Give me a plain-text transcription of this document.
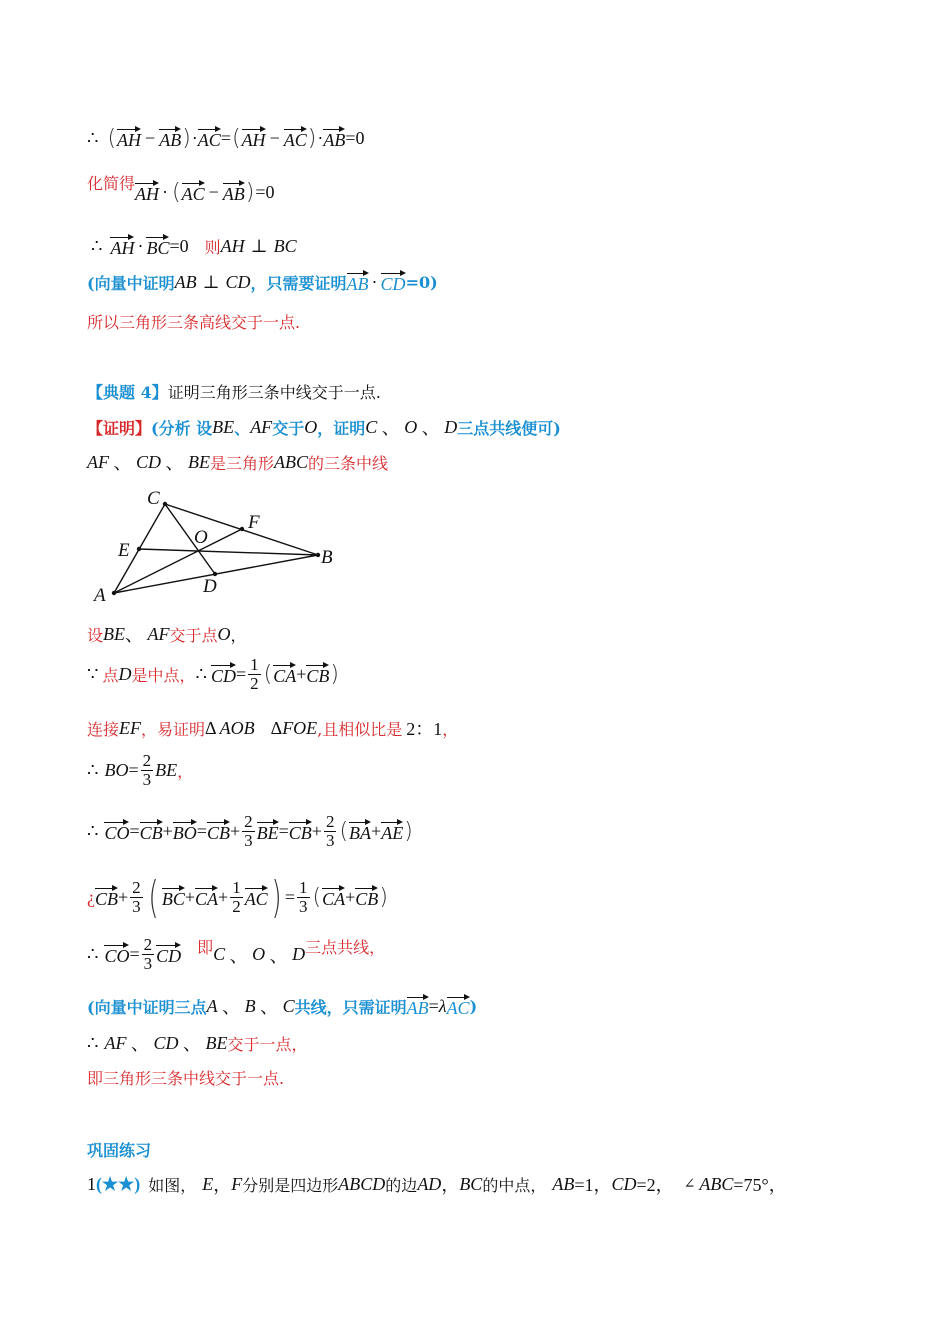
∴ ( AH − AB ) · AC = ( AH − AC ) · AB = 0
化简得
AH · ( AC − AB ) =0
∴ AH · BC =0 则 AH ⊥ BC
(向量中证明 AB ⊥ CD ，只需要证明 AB · CD =0)
所以三角形三条高线交于一点.
【典题 4】 证明三角形三条中线交于一点.
【证明】 (分析 设 BE 、 AF 交于 O ，证明 C 、 O 、 D 三点共线便可)
AF 、 CD 、 BE 是三角形 ABC 的三条中线
C
F
E
O
B
A	D
设 BE 、 AF 交于点 O ，
∵ 点 D 是中点， ∴ CD = $\frac{1}{2}$ ( CA + CB )
连接 EF ，易证明 Δ AOB Δ FOE ,且相似比是 2：1 ，
∴ BO = $\frac{2}{3}$ BE ，
∴ CO = CB + BO = CB + $\frac{2}{3}$ BE = CB + $\frac{2}{3}$ ( BA + AE )
¿ CB + $\frac{2}{3}$ ( BC + CA + $\frac{1}{2}$ AC ) = $\frac{1}{3}$ ( CA + CB )
∴ CO = $\frac{2}{3}$ CD 即 C 、 O 、 D 三点共线，
(向量中证明三点 A 、 B 、 C 共线，只需证明 AB = λ AC )
∴ AF 、 CD 、 BE 交于一点，
即三角形三条中线交于一点.
巩固练习
1 (★★) 如图， E ， F 分别是四边形 ABCD 的边 AD ， BC 的中点， AB =1， CD =2， ∠ ABC =75°，
